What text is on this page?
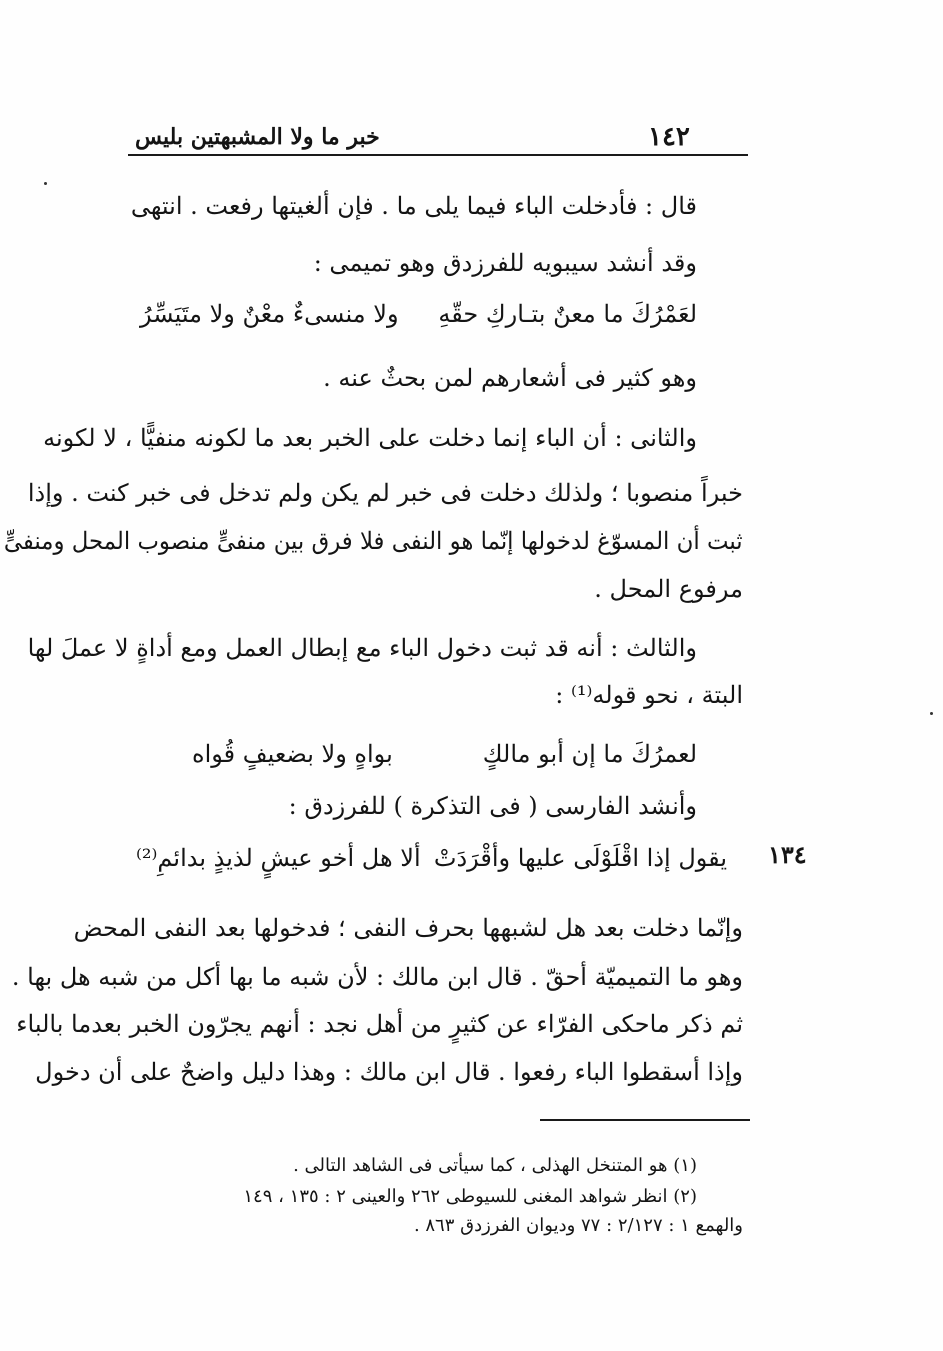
١٤٢
خبر ما ولا المشبهتين بليس
قال : فأدخلت الباء فيما يلى ما . فإن ألغيتها رفعت . انتهى
وقد أنشد سيبويه للفرزدق وهو تميمى :
لعَمْرُكَ ما معنٌ بتـاركِ حقّهِ
ولا منسىءٌ معْنٌ ولا متَيَسِّرُ
وهو كثير فى أشعارهم لمن بحثٌ عنه .
والثانى : أن الباء إنما دخلت على الخبر بعد ما لكونه منفيًّا ، لا لكونه
خبراً منصوبا ؛ ولذلك دخلت فى خبر لم يكن ولم تدخل فى خبر كنت . وإذا
ثبت أن المسوّغ لدخولها إنّما هو النفى فلا فرق بين منفىٍّ منصوب المحل ومنفىٍّ
مرفوع المحل .
والثالث : أنه قد ثبت دخول الباء مع إبطال العمل ومع أداةٍ لا عملَ لها
البتة ، نحو قوله⁽¹⁾ :
لعمرُكَ ما إن أبو مالكٍ
بواهٍ ولا بضعيفٍ قُواه
وأنشد الفارسى ( فى التذكرة ) للفرزدق :
١٣٤
يقول إذا اقْلَوْلَى عليها وأقْرَدَتْ
ألا هل أخو عيشٍ لذيذٍ بدائمِ⁽²⁾
وإنّما دخلت بعد هل لشبهها بحرف النفى ؛ فدخولها بعد النفى المحض
وهو ما التميميّة أحقّ . قال ابن مالك : لأن شبه ما بها أكل من شبه هل بها .
ثم ذكر ماحكى الفرّاء عن كثيرٍ من أهل نجد : أنهم يجرّون الخبر بعدما بالباء
وإذا أسقطوا الباء رفعوا . قال ابن مالك : وهذا دليل واضحٌ على أن دخول
(١) هو المتنخل الهذلى ، كما سيأتى فى الشاهد التالى .
(٢) انظر شواهد المغنى للسيوطى ٢٦٢ والعينى ٢ : ١٣٥ ، ١٤٩
والهمع ١ : ٢/١٢٧ : ٧٧ وديوان الفرزدق ٨٦٣ .
